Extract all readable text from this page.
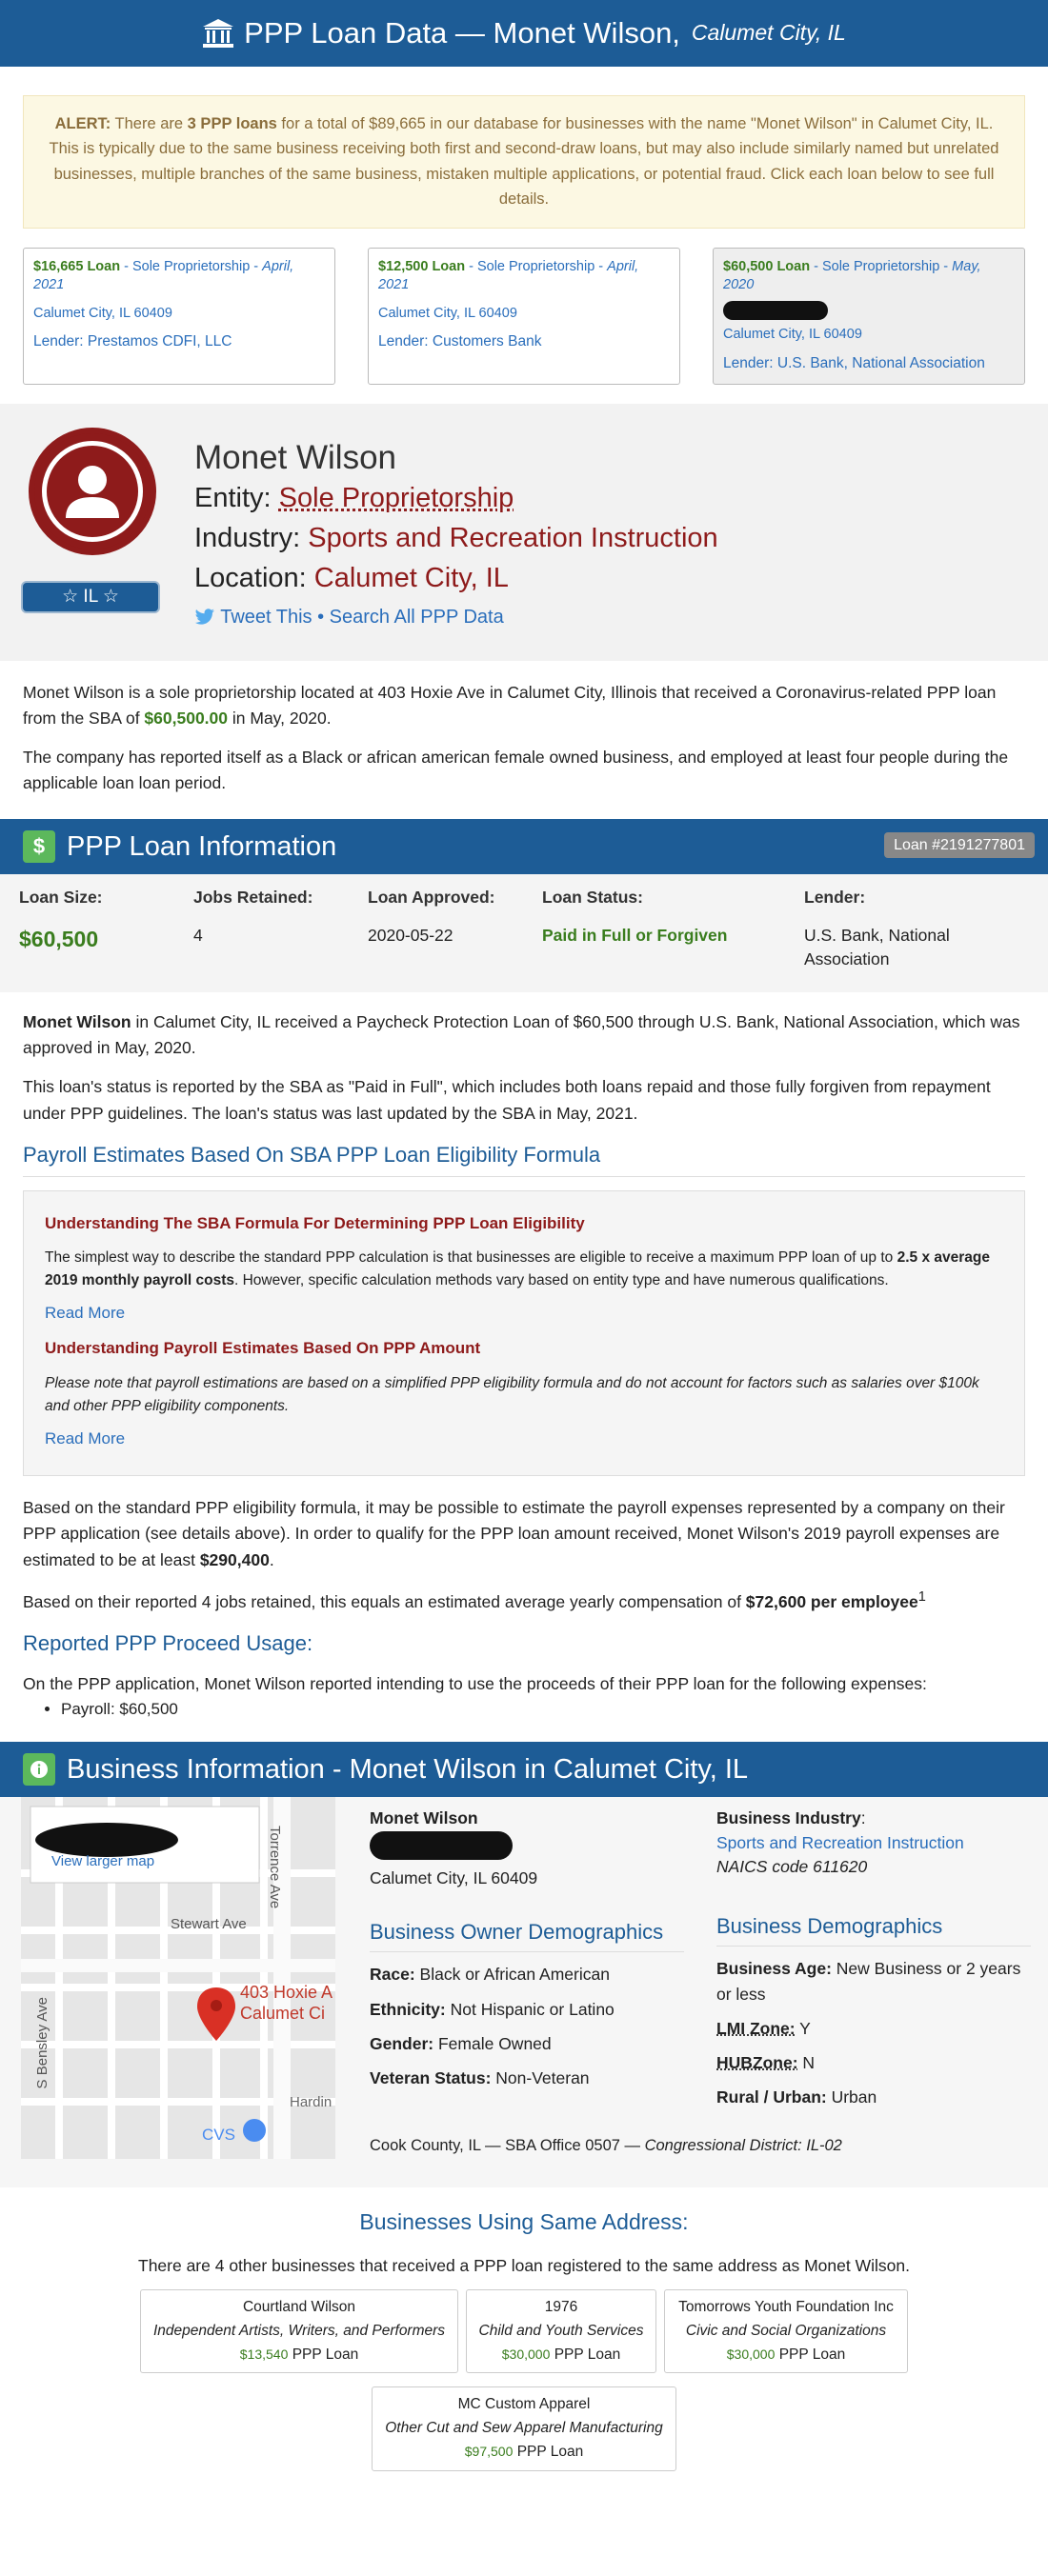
PPP Loan Data — Monet Wilson, Calumet City, IL
ALERT: There are 3 PPP loans for a total of $89,665 in our database for businesses with the name "Monet Wilson" in Calumet City, IL. This is typically due to the same business receiving both first and second-draw loans, but may also include similarly named but unrelated businesses, multiple branches of the same business, mistaken multiple applications, or potential fraud. Click each loan below to see full details.
$16,665 Loan - Sole Proprietorship - April, 2021
Calumet City, IL 60409
Lender: Prestamos CDFI, LLC
$12,500 Loan - Sole Proprietorship - April, 2021
Calumet City, IL 60409
Lender: Customers Bank
$60,500 Loan - Sole Proprietorship - May, 2020
Calumet City, IL 60409
Lender: U.S. Bank, National Association
☆ IL ☆
Monet Wilson
Entity: Sole Proprietorship
Industry: Sports and Recreation Instruction
Location: Calumet City, IL
Tweet This • Search All PPP Data

Monet Wilson is a sole proprietorship located at 403 Hoxie Ave in Calumet City, Illinois that received a Coronavirus-related PPP loan from the SBA of $60,500.00 in May, 2020.

The company has reported itself as a Black or african american female owned business, and employed at least four people during the applicable loan loan period.

$ PPP Loan Information	Loan #2191277801
Loan Size:
$60,500
Jobs Retained:
4
Loan Approved:
2020-05-22
Loan Status:
Paid in Full or Forgiven
Lender:
U.S. Bank, National Association

Monet Wilson in Calumet City, IL received a Paycheck Protection Loan of $60,500 through U.S. Bank, National Association, which was approved in May, 2020.

This loan's status is reported by the SBA as "Paid in Full", which includes both loans repaid and those fully forgiven from repayment under PPP guidelines. The loan's status was last updated by the SBA in May, 2021.

Payroll Estimates Based On SBA PPP Loan Eligibility Formula
Understanding The SBA Formula For Determining PPP Loan Eligibility

The simplest way to describe the standard PPP calculation is that businesses are eligible to receive a maximum PPP loan of up to 2.5 x average 2019 monthly payroll costs. However, specific calculation methods vary based on entity type and have numerous qualifications.

Read More
Understanding Payroll Estimates Based On PPP Amount

Please note that payroll estimations are based on a simplified PPP eligibility formula and do not account for factors such as salaries over $100k and other PPP eligibility components.

Read More

Based on the standard PPP eligibility formula, it may be possible to estimate the payroll expenses represented by a company on their PPP application (see details above). In order to qualify for the PPP loan amount received, Monet Wilson's 2019 payroll expenses are estimated to be at least $290,400.

Based on their reported 4 jobs retained, this equals an estimated average yearly compensation of $72,600 per employee$^1$

Reported PPP Proceed Usage:
On the PPP application, Monet Wilson reported intending to use the proceeds of their PPP loan for the following expenses:
• Payroll: $60,500
Business Information - Monet Wilson in Calumet City, IL
View larger map	Torrence Ave
Stewart Ave
S Bensley Ave
403 Hoxie A
Calumet Ci
Hardin
CVS
Monet Wilson
Calumet City, IL 60409
Business Owner Demographics
Race: Black or African American
Ethnicity: Not Hispanic or Latino
Gender: Female Owned
Veteran Status: Non-Veteran
Business Industry:
Sports and Recreation Instruction
NAICS code 611620
Business Demographics
Business Age: New Business or 2 years or less
LMI Zone: Y
HUBZone: N
Rural / Urban: Urban
Cook County, IL — SBA Office 0507 — Congressional District: IL-02
Businesses Using Same Address:
There are 4 other businesses that received a PPP loan registered to the same address as Monet Wilson.
Courtland Wilson
Independent Artists, Writers, and Performers
$13,540 PPP Loan
1976
Child and Youth Services
$30,000 PPP Loan
Tomorrows Youth Foundation Inc
Civic and Social Organizations
$30,000 PPP Loan
MC Custom Apparel
Other Cut and Sew Apparel Manufacturing
$97,500 PPP Loan
